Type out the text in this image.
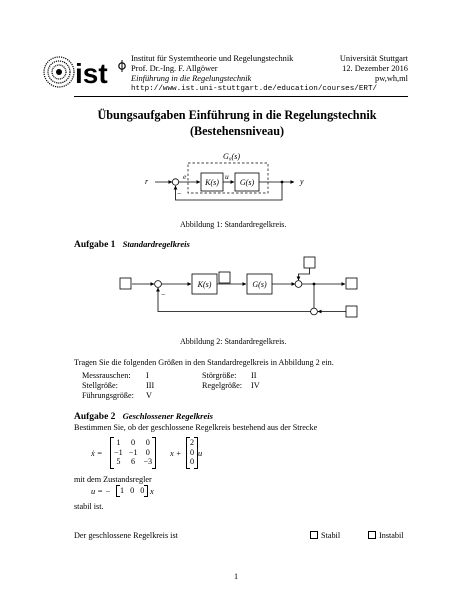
ist	Institut für Systemtheorie und Regelungstechnik	Universität Stuttgart
Prof. Dr.-Ing. F. Allgöwer	12. Dezember 2016
Einführung in die Regelungstechnik	pw,wh,ml
http://www.ist.uni-stuttgart.de/education/courses/ERT/
Übungsaufgaben Einführung in die Regelungstechnik
(Bestehensniveau)
G₀(s)
r
e
K(s)
u
G(s)	y
−
Abbildung 1: Standardregelkreis.
Aufgabe 1 Standardregelkreis
K(s)	G(s)
−
Abbildung 2: Standardregelkreis.
Tragen Sie die folgenden Größen in den Standardregelkreis in Abbildung 2 ein.
Messrauschen: I	Störgröße: II
Stellgröße:	III	Regelgröße: IV
Führungsgröße: V
Aufgabe 2 Geschlossener Regelkreis
Bestimmen Sie, ob der geschlossene Regelkreis bestehend aus der Strecke
ẋ =
1	0	0
−1	−1	0
5	6	−3
x +
2
0
0
u
mit dem Zustandsregler
u = − 1	0	0 x
stabil ist.
Der geschlossene Regelkreis ist	Stabil	Instabil
1
